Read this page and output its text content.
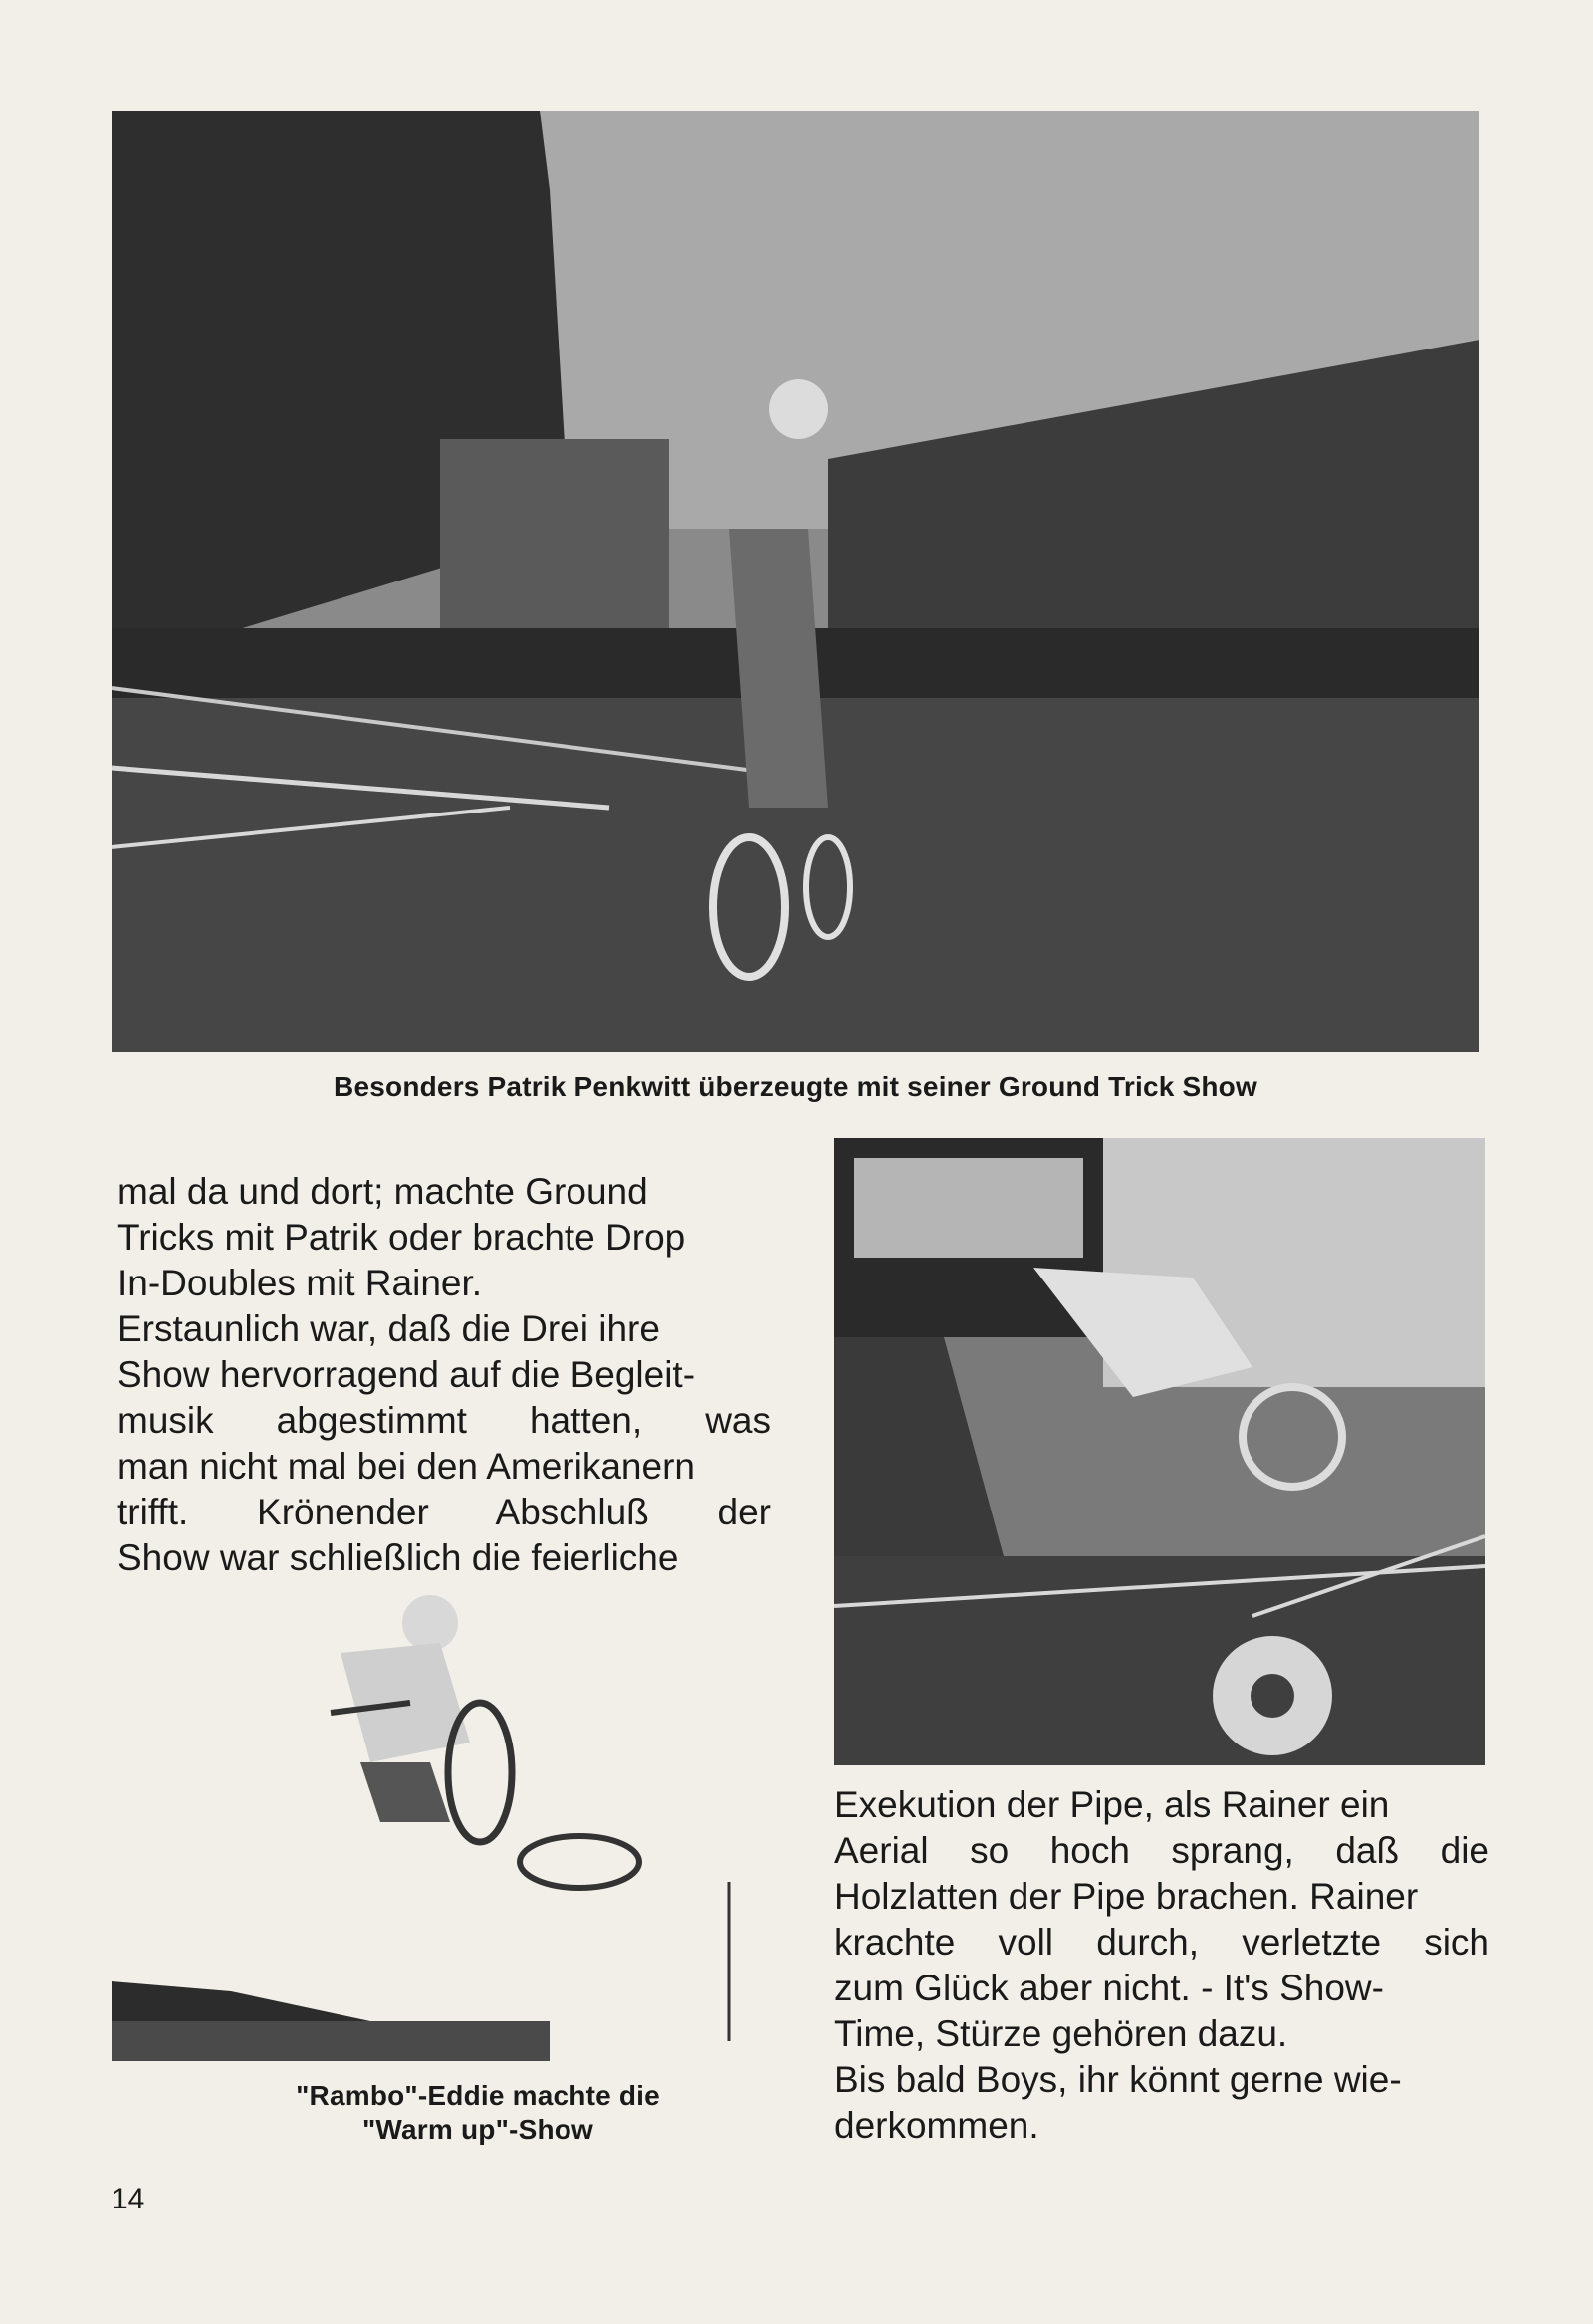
Besonders Patrik Penkwitt überzeugte mit seiner Ground Trick Show
mal da und dort; machte Ground
Tricks mit Patrik oder brachte Drop
In-Doubles mit Rainer.
Erstaunlich war, daß die Drei ihre
Show hervorragend auf die Begleit-
musik abgestimmt hatten, was
man nicht mal bei den Amerikanern
trifft. Krönender Abschluß der
Show war schließlich die feierliche
"Rambo"-Eddie machte die
"Warm up"-Show
Exekution der Pipe, als Rainer ein
Aerial so hoch sprang, daß die
Holzlatten der Pipe brachen. Rainer
krachte voll durch, verletzte sich
zum Glück aber nicht. - It's Show-
Time, Stürze gehören dazu.
Bis bald Boys, ihr könnt gerne wie-
derkommen.
14
